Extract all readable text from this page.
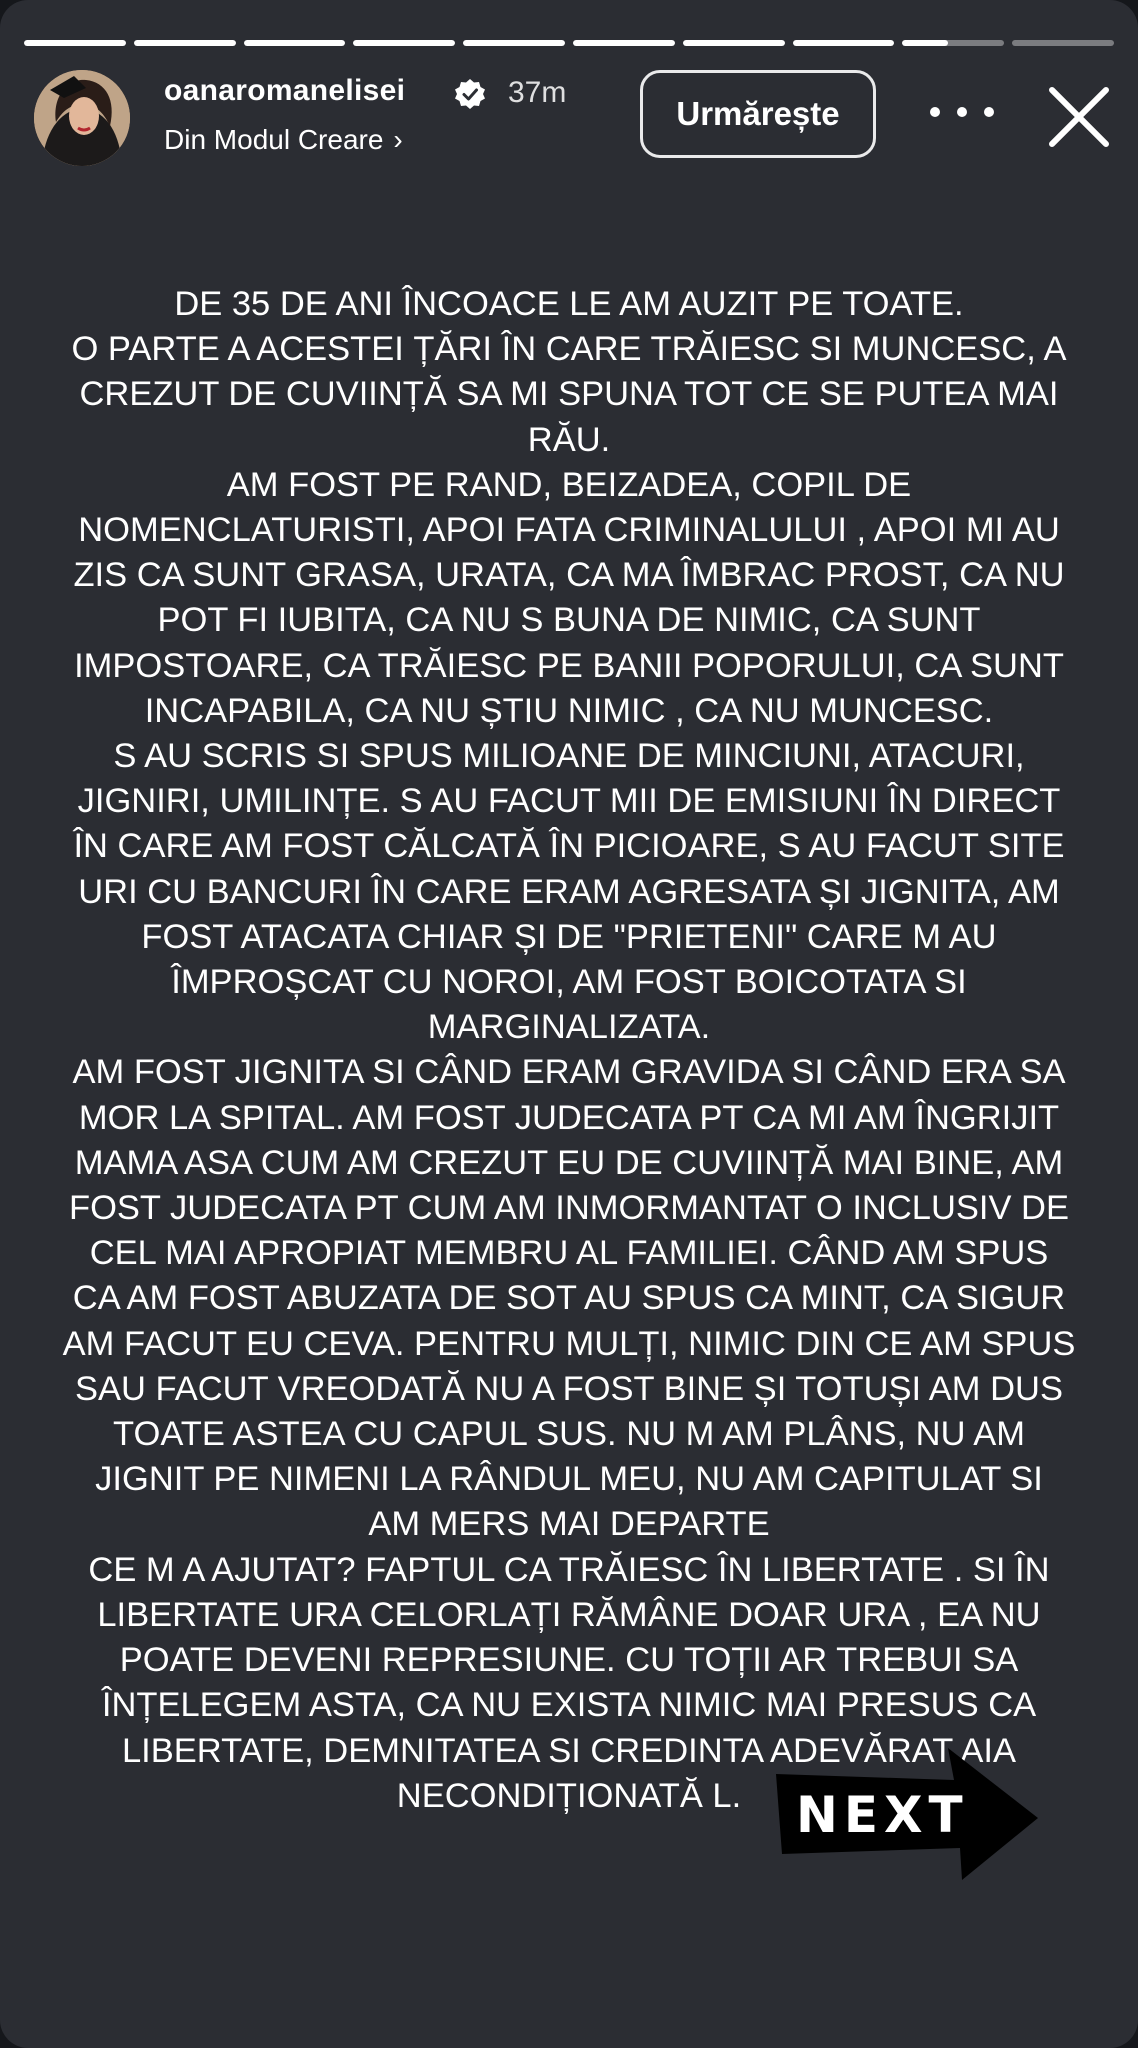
oanaromanelisei	37m
Din Modul Creare ›
Urmărește
DE 35 DE ANI ÎNCOACE LE AM AUZIT PE TOATE.
O PARTE A ACESTEI ȚĂRI ÎN CARE TRĂIESC SI MUNCESC, A
CREZUT DE CUVIINȚĂ SA MI SPUNA TOT CE SE PUTEA MAI
RĂU.
AM FOST PE RAND, BEIZADEA, COPIL DE
NOMENCLATURISTI, APOI FATA CRIMINALULUI , APOI MI AU
ZIS CA SUNT GRASA, URATA, CA MA ÎMBRAC PROST, CA NU
POT FI IUBITA, CA NU S BUNA DE NIMIC, CA SUNT
IMPOSTOARE, CA TRĂIESC PE BANII POPORULUI, CA SUNT
INCAPABILA, CA NU ȘTIU NIMIC , CA NU MUNCESC.
S AU SCRIS SI SPUS MILIOANE DE MINCIUNI, ATACURI,
JIGNIRI, UMILINȚE. S AU FACUT MII DE EMISIUNI ÎN DIRECT
ÎN CARE AM FOST CĂLCATĂ ÎN PICIOARE, S AU FACUT SITE
URI CU BANCURI ÎN CARE ERAM AGRESATA ȘI JIGNITA, AM
FOST ATACATA CHIAR ȘI DE "PRIETENI" CARE M AU
ÎMPROȘCAT CU NOROI, AM FOST BOICOTATA SI
MARGINALIZATA.
AM FOST JIGNITA SI CÂND ERAM GRAVIDA SI CÂND ERA SA
MOR LA SPITAL. AM FOST JUDECATA PT CA MI AM ÎNGRIJIT
MAMA ASA CUM AM CREZUT EU DE CUVIINȚĂ MAI BINE, AM
FOST JUDECATA PT CUM AM INMORMANTAT O INCLUSIV DE
CEL MAI APROPIAT MEMBRU AL FAMILIEI. CÂND AM SPUS
CA AM FOST ABUZATA DE SOT AU SPUS CA MINT, CA SIGUR
AM FACUT EU CEVA. PENTRU MULȚI, NIMIC DIN CE AM SPUS
SAU FACUT VREODATĂ NU A FOST BINE ȘI TOTUȘI AM DUS
TOATE ASTEA CU CAPUL SUS. NU M AM PLÂNS, NU AM
JIGNIT PE NIMENI LA RÂNDUL MEU, NU AM CAPITULAT SI
AM MERS MAI DEPARTE
CE M A AJUTAT? FAPTUL CA TRĂIESC ÎN LIBERTATE . SI ÎN
LIBERTATE URA CELORLAȚI RĂMÂNE DOAR URA , EA NU
POATE DEVENI REPRESIUNE. CU TOȚII AR TREBUI SA
ÎNȚELEGEM ASTA, CA NU EXISTA NIMIC MAI PRESUS CA
LIBERTATE, DEMNITATEA SI CREDINTA ADEVĂRAT AIA
NECONDIȚIONATĂ L.	NEXT
